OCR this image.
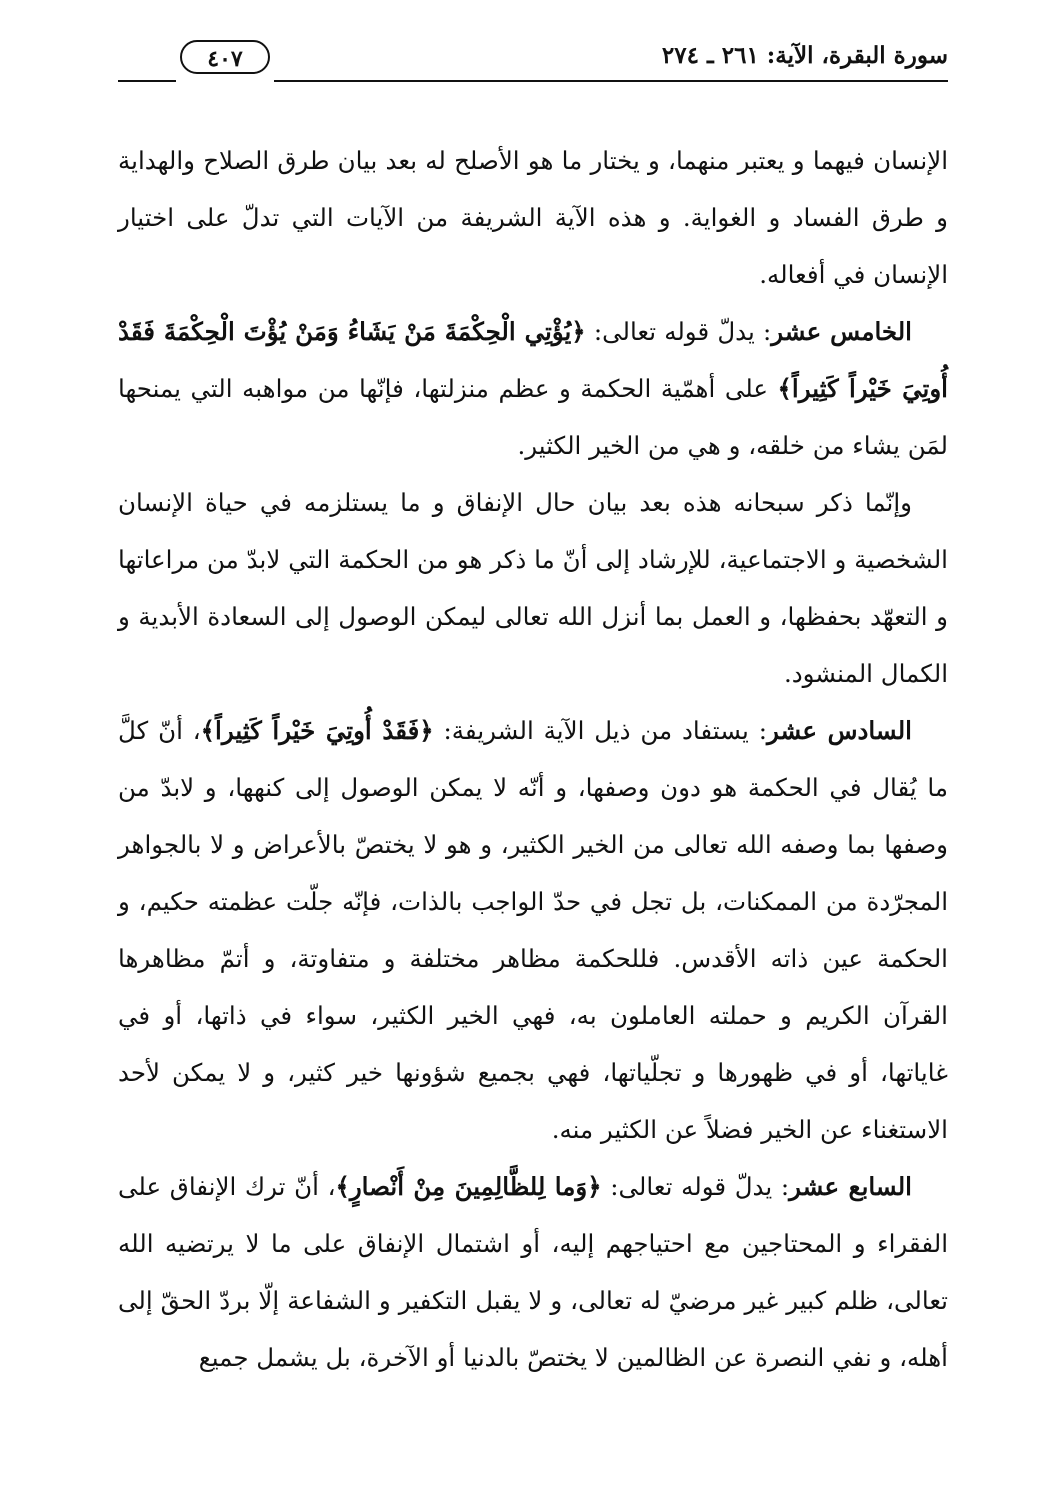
٤٠٧	سورة البقرة، الآية: ٢٦١ ـ ٢٧٤

الإنسان فيهما و يعتبر منهما، و يختار ما هو الأصلح له بعد بيان طرق الصلاح والهداية و طرق الفساد و الغواية. و هذه الآية الشريفة من الآيات التي تدلّ على اختيار الإنسان في أفعاله.

الخامس عشر: يدلّ قوله تعالى: ﴿يُؤْتِي الْحِكْمَةَ مَنْ يَشَاءُ وَمَنْ يُؤْتَ الْحِكْمَةَ فَقَدْ أُوتِيَ خَيْراً كَثِيراً﴾ على أهمّية الحكمة و عظم منزلتها، فإنّها من مواهبه التي يمنحها لمَن يشاء من خلقه، و هي من الخير الكثير.

وإنّما ذكر سبحانه هذه بعد بيان حال الإنفاق و ما يستلزمه في حياة الإنسان الشخصية و الاجتماعية، للإرشاد إلى أنّ ما ذكر هو من الحكمة التي لابدّ من مراعاتها و التعهّد بحفظها، و العمل بما أنزل الله تعالى ليمكن الوصول إلى السعادة الأبدية و الكمال المنشود.

السادس عشر: يستفاد من ذيل الآية الشريفة: ﴿فَقَدْ أُوتِيَ خَيْراً كَثِيراً﴾، أنّ كلَّ ما يُقال في الحكمة هو دون وصفها، و أنّه لا يمكن الوصول إلى كنهها، و لابدّ من وصفها بما وصفه الله تعالى من الخير الكثير، و هو لا يختصّ بالأعراض و لا بالجواهر المجرّدة من الممكنات، بل تجل في حدّ الواجب بالذات، فإنّه جلّت عظمته حكيم، و الحكمة عين ذاته الأقدس. فللحكمة مظاهر مختلفة و متفاوتة، و أتمّ مظاهرها القرآن الكريم و حملته العاملون به، فهي الخير الكثير، سواء في ذاتها، أو في غاياتها، أو في ظهورها و تجلّياتها، فهي بجميع شؤونها خير كثير، و لا يمكن لأحد الاستغناء عن الخير فضلاً عن الكثير منه.

السابع عشر: يدلّ قوله تعالى: ﴿وَما لِلظَّالِمِينَ مِنْ أَنْصارٍ﴾، أنّ ترك الإنفاق على الفقراء و المحتاجين مع احتياجهم إليه، أو اشتمال الإنفاق على ما لا يرتضيه الله تعالى، ظلم كبير غير مرضيّ له تعالى، و لا يقبل التكفير و الشفاعة إلّا بردّ الحقّ إلى أهله، و نفي النصرة عن الظالمين لا يختصّ بالدنيا أو الآخرة، بل يشمل جميع
